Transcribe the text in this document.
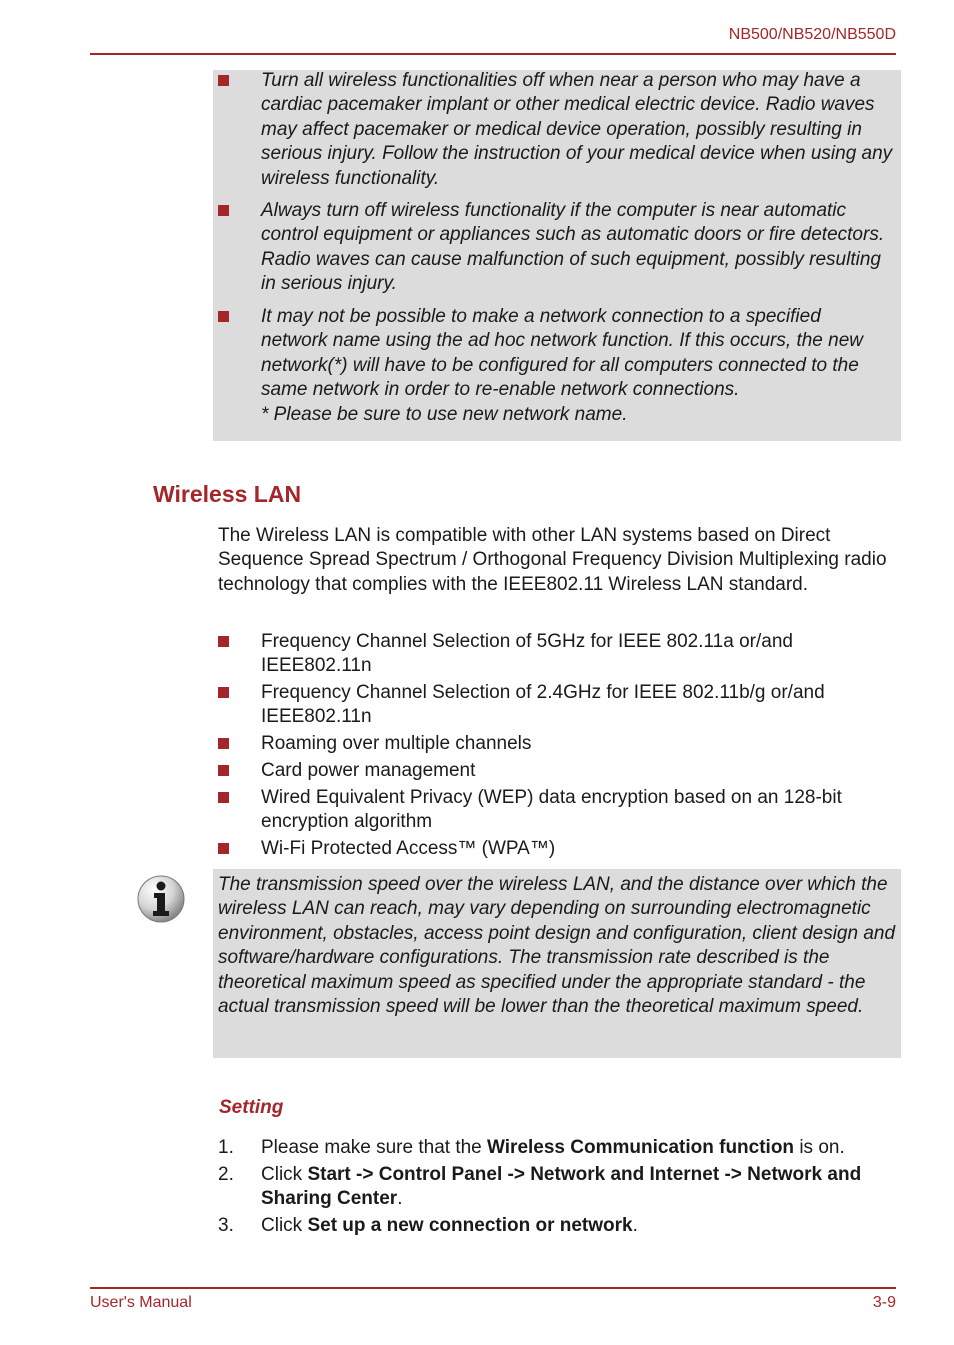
NB500/NB520/NB550D
Turn all wireless functionalities off when near a person who may have a cardiac pacemaker implant or other medical electric device. Radio waves may affect pacemaker or medical device operation, possibly resulting in serious injury. Follow the instruction of your medical device when using any wireless functionality.
Always turn off wireless functionality if the computer is near automatic control equipment or appliances such as automatic doors or fire detectors. Radio waves can cause malfunction of such equipment, possibly resulting in serious injury.
It may not be possible to make a network connection to a specified network name using the ad hoc network function. If this occurs, the new network(*) will have to be configured for all computers connected to the same network in order to re-enable network connections.
* Please be sure to use new network name.
Wireless LAN
The Wireless LAN is compatible with other LAN systems based on Direct Sequence Spread Spectrum / Orthogonal Frequency Division Multiplexing radio technology that complies with the IEEE802.11 Wireless LAN standard.
Frequency Channel Selection of 5GHz for IEEE 802.11a or/and IEEE802.11n
Frequency Channel Selection of 2.4GHz for IEEE 802.11b/g or/and IEEE802.11n
Roaming over multiple channels
Card power management
Wired Equivalent Privacy (WEP) data encryption based on an 128-bit encryption algorithm
Wi-Fi Protected Access™ (WPA™)
The transmission speed over the wireless LAN, and the distance over which the wireless LAN can reach, may vary depending on surrounding electromagnetic environment, obstacles, access point design and configuration, client design and software/hardware configurations. The transmission rate described is the theoretical maximum speed as specified under the appropriate standard - the actual transmission speed will be lower than the theoretical maximum speed.
Setting
1. Please make sure that the Wireless Communication function is on.
2. Click Start -> Control Panel -> Network and Internet -> Network and Sharing Center.
3. Click Set up a new connection or network.
User's Manual	3-9
